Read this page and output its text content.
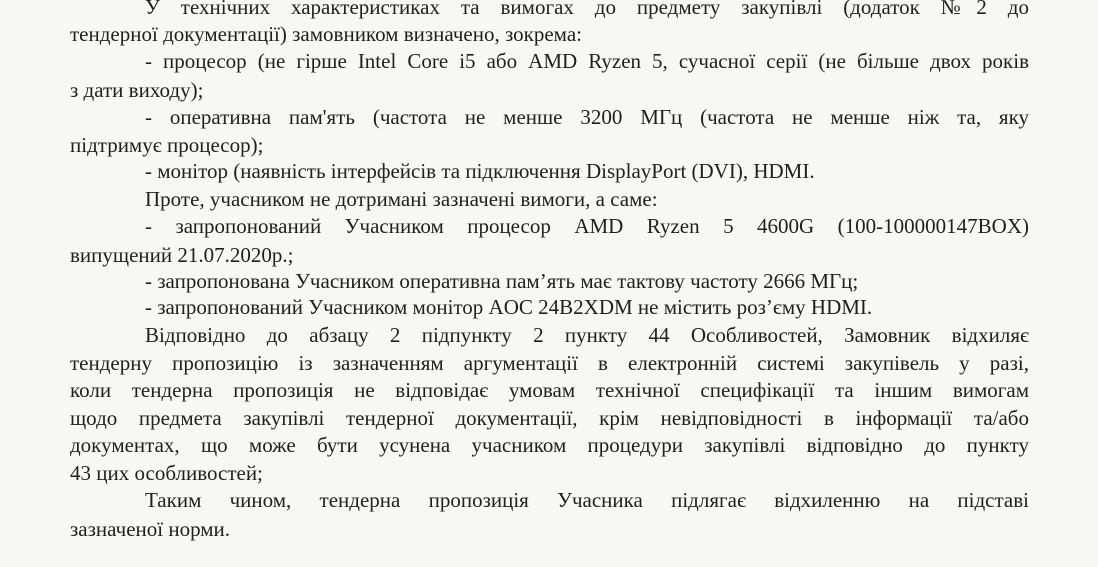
У технічних характеристиках та вимогах до предмету закупівлі (додаток №2 до
тендерної документації) замовником визначено, зокрема:
- процесор (не гірше Intel Core i5 або AMD Ryzen 5, сучасної серії (не більше двох років
з дати виходу);
- оперативна пам'ять (частота не менше 3200 МГц (частота не менше ніж та, яку
підтримує процесор);
- монітор (наявність інтерфейсів та підключення DisplayPort (DVI), HDMI.
Проте, учасником не дотримані зазначені вимоги, а саме:
- запропонований Учасником процесор AMD Ryzen 5 4600G (100-100000147BOX)
випущений 21.07.2020р.;
- запропонована Учасником оперативна пам’ять має тактову частоту 2666 МГц;
- запропонований Учасником монітор AOC 24B2XDM не містить роз’єму HDMI.
Відповідно до абзацу 2 підпункту 2 пункту 44 Особливостей, Замовник відхиляє
тендерну пропозицію із зазначенням аргументації в електронній системі закупівель у разі,
коли тендерна пропозиція не відповідає умовам технічної специфікації та іншим вимогам
щодо предмета закупівлі тендерної документації, крім невідповідності в інформації та/або
документах, що може бути усунена учасником процедури закупівлі відповідно до пункту
43 цих особливостей;
Таким чином, тендерна пропозиція Учасника підлягає відхиленню на підставі
зазначеної норми.
